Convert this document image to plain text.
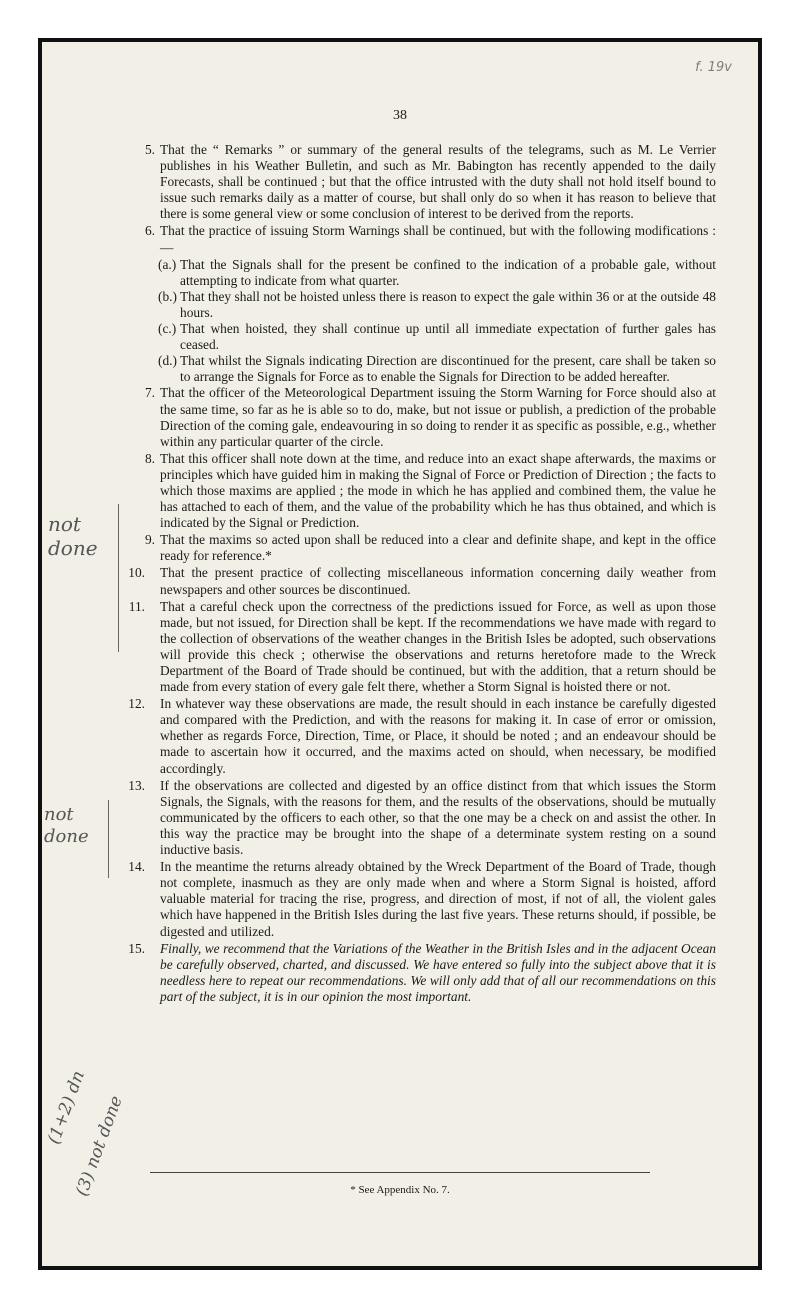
f. 19v
38

5. That the “ Remarks ” or summary of the general results of the telegrams, such as M. Le Verrier publishes in his Weather Bulletin, and such as Mr. Babington has recently appended to the daily Forecasts, shall be continued ; but that the office intrusted with the duty shall not hold itself bound to issue such remarks daily as a matter of course, but shall only do so when it has reason to believe that there is some general view or some conclusion of interest to be derived from the reports.

6. That the practice of issuing Storm Warnings shall be continued, but with the following modifications :—

(a.) That the Signals shall for the present be confined to the indication of a probable gale, without attempting to indicate from what quarter.

(b.) That they shall not be hoisted unless there is reason to expect the gale within 36 or at the outside 48 hours.

(c.) That when hoisted, they shall continue up until all immediate expectation of further gales has ceased.

(d.) That whilst the Signals indicating Direction are discontinued for the present, care shall be taken so to arrange the Signals for Force as to enable the Signals for Direction to be added hereafter.

7. That the officer of the Meteorological Department issuing the Storm Warning for Force should also at the same time, so far as he is able so to do, make, but not issue or publish, a prediction of the probable Direction of the coming gale, endeavouring in so doing to render it as specific as possible, e.g., whether within any particular quarter of the circle.

8. That this officer shall note down at the time, and reduce into an exact shape afterwards, the maxims or principles which have guided him in making the Signal of Force or Prediction of Direction ; the facts to which those maxims are applied ; the mode in which he has applied and combined them, the value he has attached to each of them, and the value of the probability which he has thus obtained, and which is indicated by the Signal or Prediction.

9. That the maxims so acted upon shall be reduced into a clear and definite shape, and kept in the office ready for reference.*

10.	That the present practice of collecting miscellaneous information concerning daily weather from newspapers and other sources be discontinued.

11.	That a careful check upon the correctness of the predictions issued for Force, as well as upon those made, but not issued, for Direction shall be kept. If the recommendations we have made with regard to the collection of observations of the weather changes in the British Isles be adopted, such observations will provide this check ; otherwise the observations and returns heretofore made to the Wreck Department of the Board of Trade should be continued, but with the addition, that a return should be made from every station of every gale felt there, whether a Storm Signal is hoisted there or not.

12.	In whatever way these observations are made, the result should in each instance be carefully digested and compared with the Prediction, and with the reasons for making it. In case of error or omission, whether as regards Force, Direction, Time, or Place, it should be noted ; and an endeavour should be made to ascertain how it occurred, and the maxims acted on should, when necessary, be modified accordingly.

13.	If the observations are collected and digested by an office distinct from that which issues the Storm Signals, the Signals, with the reasons for them, and the results of the observations, should be mutually communicated by the officers to each other, so that the one may be a check on and assist the other. In this way the practice may be brought into the shape of a determinate system resting on a sound inductive basis.

14.	In the meantime the returns already obtained by the Wreck Department of the Board of Trade, though not complete, inasmuch as they are only made when and where a Storm Signal is hoisted, afford valuable material for tracing the rise, progress, and direction of most, if not of all, the violent gales which have happened in the British Isles during the last five years. These returns should, if possible, be digested and utilized.

15.	Finally, we recommend that the Variations of the Weather in the British Isles and in the adjacent Ocean be carefully observed, charted, and discussed. We have entered so fully into the subject above that it is needless here to repeat our recommendations. We will only add that of all our recommendations on this part of the subject, it is in our opinion the most important.

* See Appendix No. 7.
not done
not done
(1+2) dn
(3) not done
